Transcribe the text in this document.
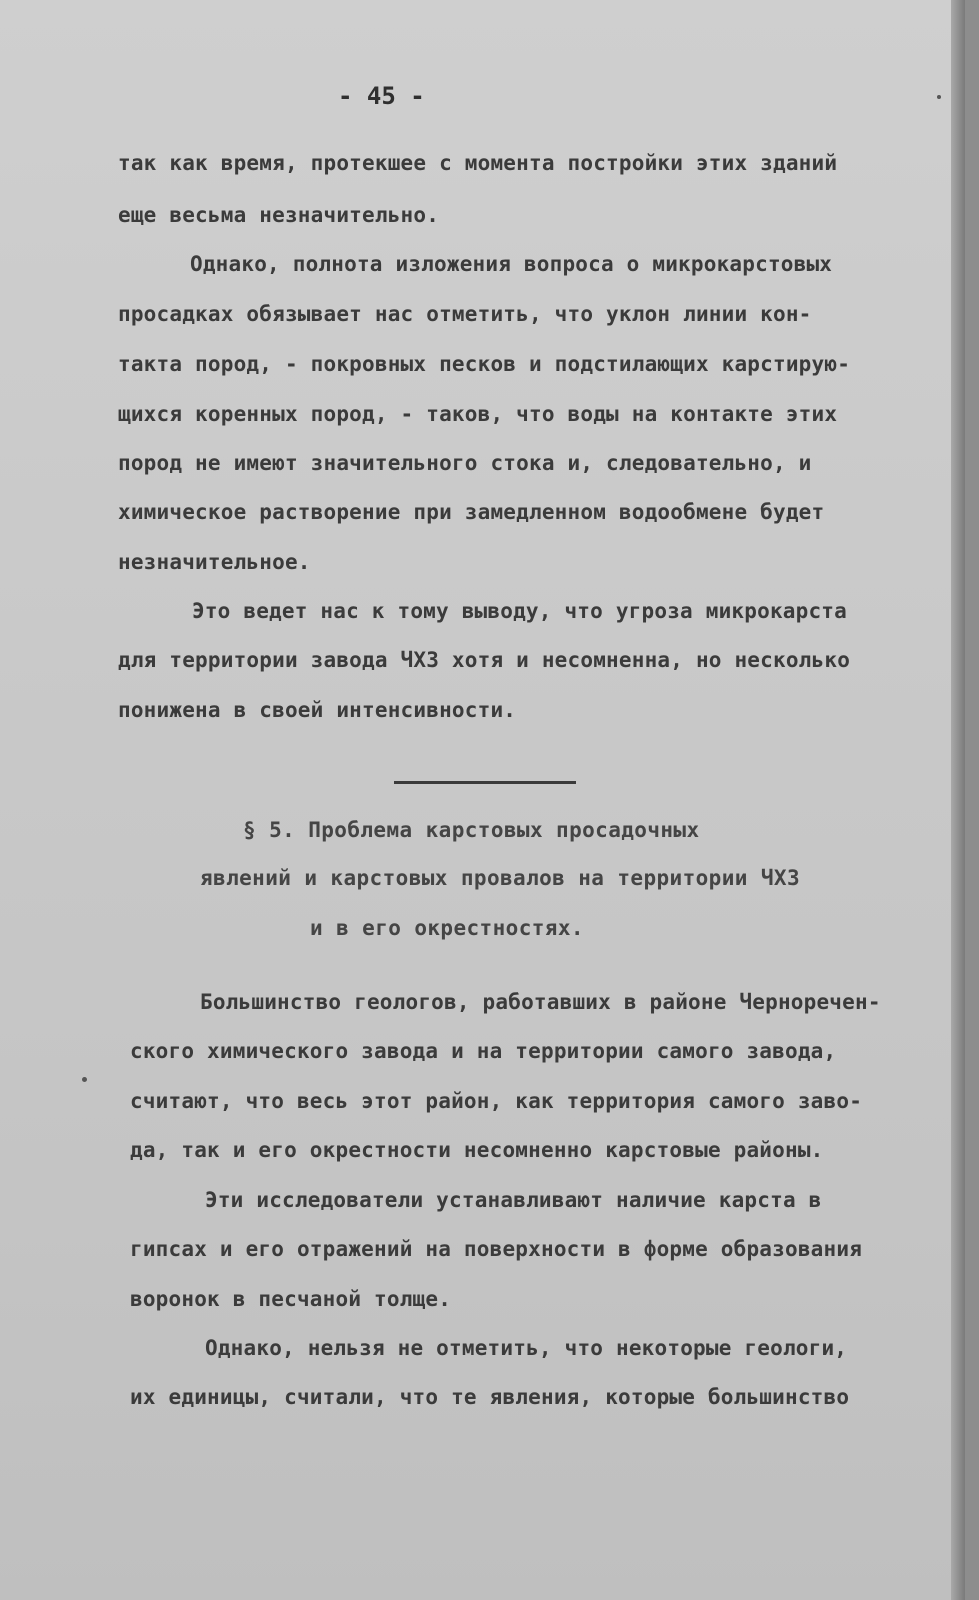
- 45 -
так как время, протекшее с момента постройки этих зданий
еще весьма незначительно.
Однако, полнота изложения вопроса о микрокарстовых
просадках обязывает нас отметить, что уклон линии кон-
такта пород, - покровных песков и подстилающих карстирую-
щихся коренных пород, - таков, что воды на контакте этих
пород не имеют значительного стока и, следовательно, и
химическое растворение при замедленном водообмене будет
незначительное.
Это ведет нас к тому выводу, что угроза микрокарста
для территории завода ЧХЗ хотя и несомненна, но несколько
понижена в своей интенсивности.
§ 5. Проблема карстовых просадочных
явлений и карстовых провалов на территории ЧХЗ
и в его окрестностях.
Большинство геологов, работавших в районе Черноречен-
ского химического завода и на территории самого завода,
считают, что весь этот район, как территория самого заво-
да, так и его окрестности несомненно карстовые районы.
Эти исследователи устанавливают наличие карста в
гипсах и его отражений на поверхности в форме образования
воронок в песчаной толще.
Однако, нельзя не отметить, что некоторые геологи,
их единицы, считали, что те явления, которые большинство
